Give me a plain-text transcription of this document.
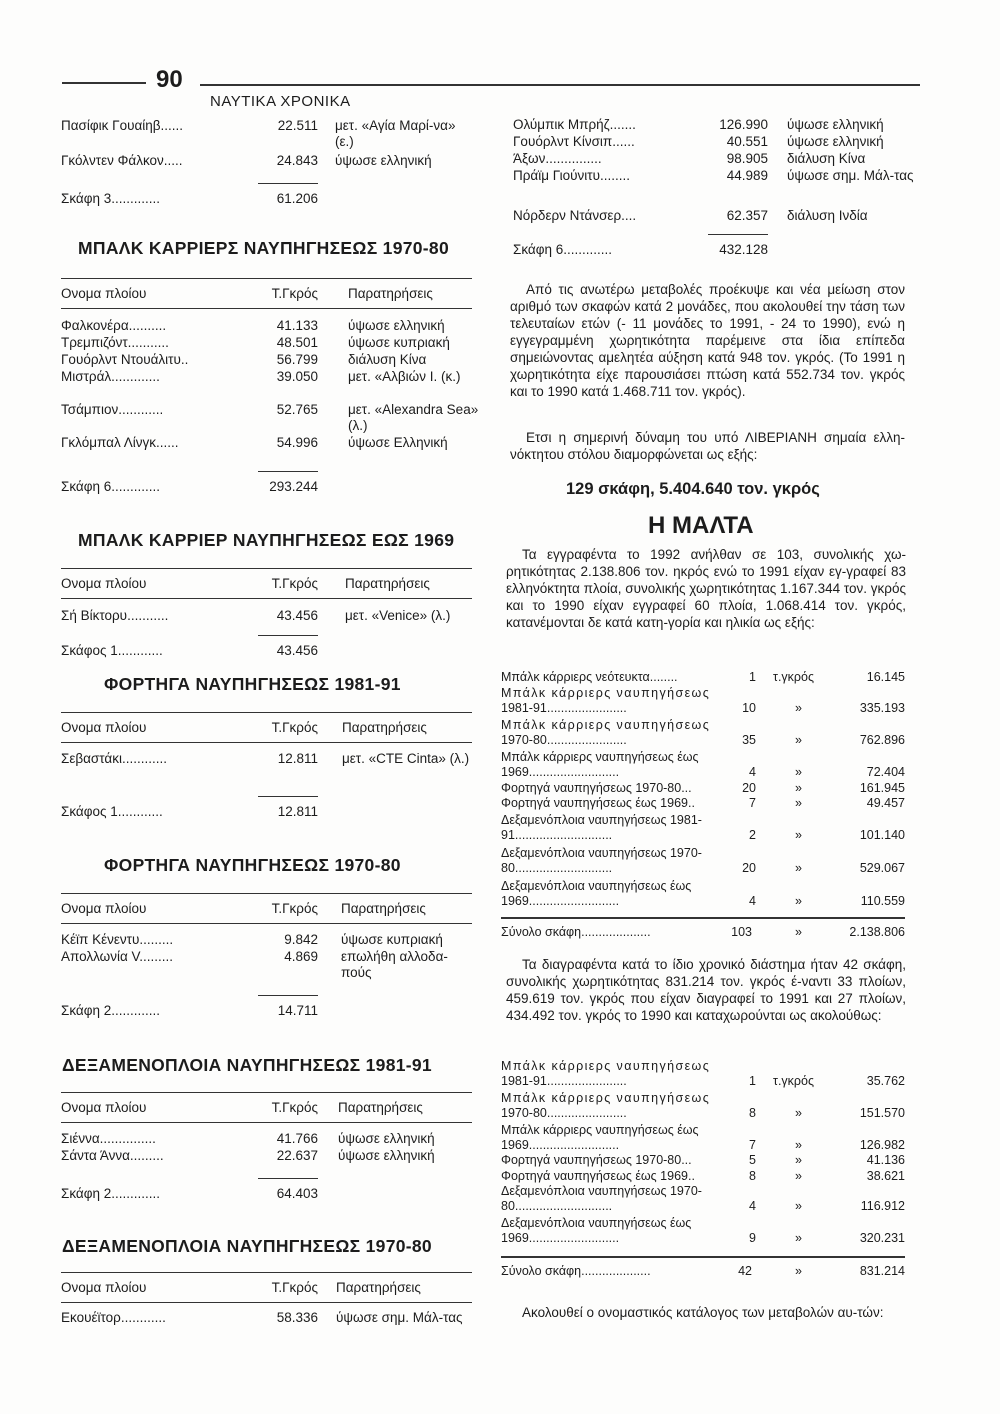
90
ΝΑΥΤΙΚΑ ΧΡΟΝΙΚΑ
Πασίφικ Γουαίηβ......	22.511 μετ. «Αγία Μαρί-να» (ε.)
Γκόλντεν Φάλκον.....	24.843 ύψωσε ελληνική
Σκάφη 3.............	61.206
ΜΠΑΛΚ ΚΑΡΡΙΕΡΣ ΝΑΥΠΗΓΗΣΕΩΣ 1970-80
Ονομα πλοίου	Τ.Γκρός Παρατηρήσεις
Φαλκονέρα..........	41.133 ύψωσε ελληνική
Τρεμπιζόντ...........	48.501 ύψωσε κυπριακή
Γουόρλντ Ντουάλιτυ..	56.799 διάλυση Κίνα
Μιστράλ.............	39.050 μετ. «Αλβιών Ι. (κ.)
Τσάμπιον............	52.765 μετ. «Alexandra Sea» (λ.)
Γκλόμπαλ Λίνγκ......	54.996 ύψωσε Ελληνική
Σκάφη 6.............	293.244
ΜΠΑΛΚ ΚΑΡΡΙΕΡ ΝΑΥΠΗΓΗΣΕΩΣ ΕΩΣ 1969
Ονομα πλοίου	Τ.Γκρός Παρατηρήσεις
Σή Βίκτορυ...........	43.456 μετ. «Venice» (λ.)
Σκάφος 1............	43.456
ΦΟΡΤΗΓΑ ΝΑΥΠΗΓΗΣΕΩΣ 1981-91
Ονομα πλοίου	Τ.Γκρός Παρατηρήσεις
Σεβαστάκι............	12.811 μετ. «CTE Cinta» (λ.)
Σκάφος 1............	12.811
ΦΟΡΤΗΓΑ ΝΑΥΠΗΓΗΣΕΩΣ 1970-80
Ονομα πλοίου	Τ.Γκρός Παρατηρήσεις
Κέϊπ Κένεντυ.........	9.842 ύψωσε κυπριακή
Απολλωνία V.........	4.869 επωλήθη αλλοδα-πούς
Σκάφη 2.............	14.711
ΔΕΞΑΜΕΝΟΠΛΟΙΑ ΝΑΥΠΗΓΗΣΕΩΣ 1981-91
Ονομα πλοίου	Τ.Γκρός Παρατηρήσεις
Σιέννα...............	41.766 ύψωσε ελληνική
Σάντα Άννα.........	22.637 ύψωσε ελληνική
Σκάφη 2.............	64.403
ΔΕΞΑΜΕΝΟΠΛΟΙΑ ΝΑΥΠΗΓΗΣΕΩΣ 1970-80
Ονομα πλοίου	Τ.Γκρός Παρατηρήσεις
Εκουέϊτορ............	58.336 ύψωσε σημ. Μάλ-τας
Ολύμπικ Μπρήζ.......	126.990 ύψωσε ελληνική
Γουόρλντ Κίνσιπ......	40.551 ύψωσε ελληνική
Άξων...............	98.905 διάλυση Κίνα
Πράϊμ Γιούνιτυ........	44.989 ύψωσε σημ. Μάλ-τας
Νόρδερν Ντάνσερ....	62.357 διάλυση Ινδία
Σκάφη 6.............	432.128
Από τις ανωτέρω μεταβολές προέκυψε και νέα μείωση στον αριθμό των σκαφών κατά 2 μονάδες, που ακολουθεί την τάση των τελευταίων ετών (- 11 μονάδες το 1991, - 24 το 1990), ενώ η εγγεγραμμένη χωρητικότητα παρέμεινε στα ίδια επίπεδα σημειώνοντας αμελητέα αύξηση κατά 948 τον. γκρός. (Το 1991 η χωρητικότητα είχε παρουσιάσει πτώση κατά 552.734 τον. γκρός και το 1990 κατά 1.468.711 τον. γκρός).
Ετσι η σημερινή δύναμη του υπό ΛΙΒΕΡΙΑΝΗ σημαία ελλη-νόκτητου στόλου διαμορφώνεται ως εξής:
129 σκάφη, 5.404.640 τον. γκρός
Η ΜΑΛΤΑ
Τα εγγραφέντα το 1992 ανήλθαν σε 103, συνολικής χω-ρητικότητας 2.138.806 τον. ηκρός ενώ το 1991 είχαν εγ-γραφεί 83 ελληνόκτητα πλοία, συνολικής χωρητικότητας 1.167.344 τον. γκρός και το 1990 είχαν εγγραφεί 60 πλοία, 1.068.414 τον. γκρός, κατανέμονται δε κατά κατη-γορία και ηλικία ως εξής:
Μπάλκ κάρριερς νεότευκτα........	1 τ.γκρός	16.145
Μπάλκ κάρριερς ναυπηγήσεως
1981-91.......................	10	»	335.193
Μπάλκ κάρριερς ναυπηγήσεως
1970-80.......................	35	»	762.896
Μπάλκ κάρριερς ναυπηγήσεως έως
1969..........................	4	»	72.404
Φορτηγά ναυπηγήσεως 1970-80...	20	»	161.945
Φορτηγά ναυπηγήσεως έως 1969..	7	»	49.457
Δεξαμενόπλοια ναυπηγήσεως 1981-
91............................	2	»	101.140
Δεξαμενόπλοια ναυπηγήσεως 1970-
80............................	20	»	529.067
Δεξαμενόπλοια ναυπηγήσεως έως
1969..........................	4	»	110.559
Σύνολο σκάφη....................	103	»	2.138.806
Τα διαγραφέντα κατά το ίδιο χρονικό διάστημα ήταν 42 σκάφη, συνολικής χωρητικότητας 831.214 τον. γκρός έ-ναντι 33 πλοίων, 459.619 τον. γκρός που είχαν διαγραφεί το 1991 και 27 πλοίων, 434.492 τον. γκρός το 1990 και καταχωρούνται ως ακολούθως:
Μπάλκ κάρριερς ναυπηγήσεως
1981-91.......................	1 τ.γκρός	35.762
Μπάλκ κάρριερς ναυπηγήσεως
1970-80.......................	8	»	151.570
Μπάλκ κάρριερς ναυπηγήσεως έως
1969..........................	7	»	126.982
Φορτηγά ναυπηγήσεως 1970-80...	5	»	41.136
Φορτηγά ναυπηγήσεως έως 1969..	8	»	38.621
Δεξαμενόπλοια ναυπηγήσεως 1970-
80............................	4	»	116.912
Δεξαμενόπλοια ναυπηγήσεως έως
1969..........................	9	»	320.231
Σύνολο σκάφη....................	42	»	831.214
Ακολουθεί ο ονομαστικός κατάλογος των μεταβολών αυ-τών:
